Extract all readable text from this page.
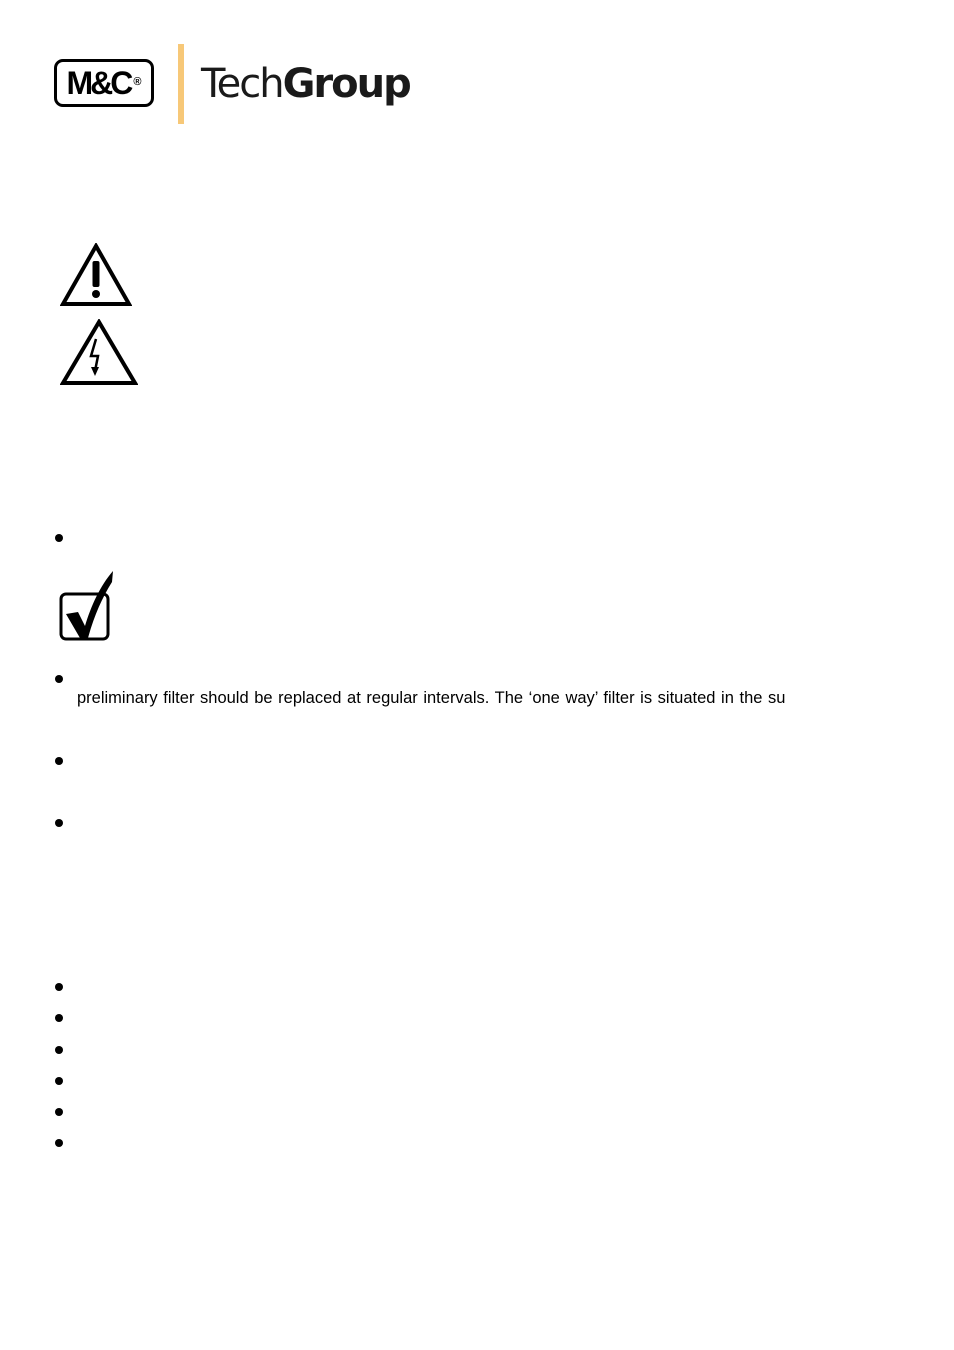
M&C ® TechGroup
preliminary filter should be replaced at regular intervals. The ‘one way’ filter is situated in the su
